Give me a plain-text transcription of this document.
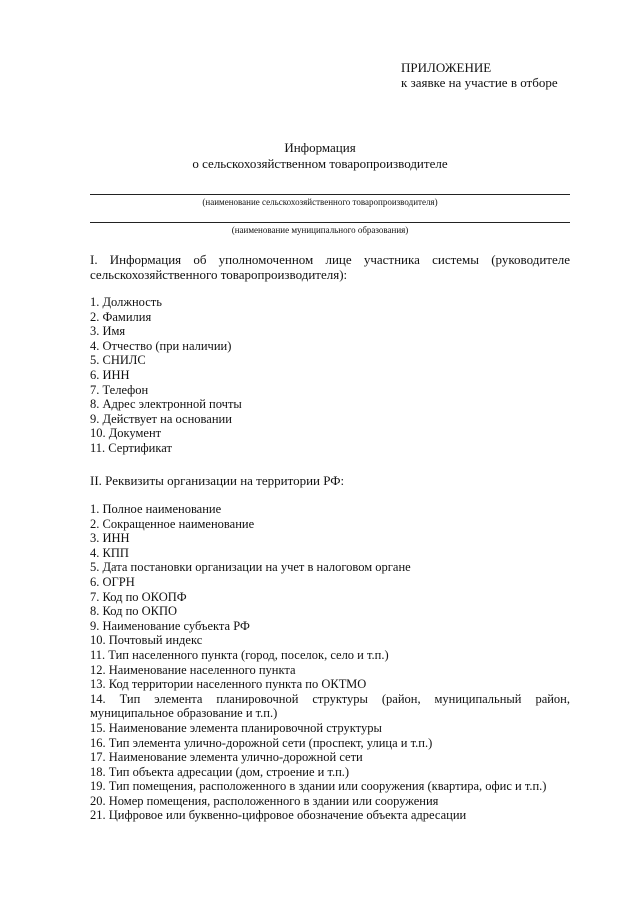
ПРИЛОЖЕНИЕ
к заявке на участие в отборе
Информация
о сельскохозяйственном товаропроизводителе
(наименование сельскохозяйственного товаропроизводителя)
(наименование муниципального образования)
I. Информация об уполномоченном лице участника системы (руководителе сельскохозяйственного товаропроизводителя):
1. Должность
2. Фамилия
3. Имя
4. Отчество (при наличии)
5. СНИЛС
6. ИНН
7. Телефон
8. Адрес электронной почты
9. Действует на основании
10. Документ
11. Сертификат
II. Реквизиты организации на территории РФ:
1. Полное наименование
2. Сокращенное наименование
3. ИНН
4. КПП
5. Дата постановки организации на учет в налоговом органе
6. ОГРН
7. Код по ОКОПФ
8. Код по ОКПО
9. Наименование субъекта РФ
10. Почтовый индекс
11. Тип населенного пункта (город, поселок, село и т.п.)
12. Наименование населенного пункта
13. Код территории населенного пункта по ОКТМО
14. Тип элемента планировочной структуры (район, муниципальный район, муниципальное образование и т.п.)
15. Наименование элемента планировочной структуры
16. Тип элемента улично-дорожной сети (проспект, улица и т.п.)
17. Наименование элемента улично-дорожной сети
18. Тип объекта адресации (дом, строение и т.п.)
19. Тип помещения, расположенного в здании или сооружения (квартира, офис и т.п.)
20. Номер помещения, расположенного в здании или сооружения
21. Цифровое или буквенно-цифровое обозначение объекта адресации
